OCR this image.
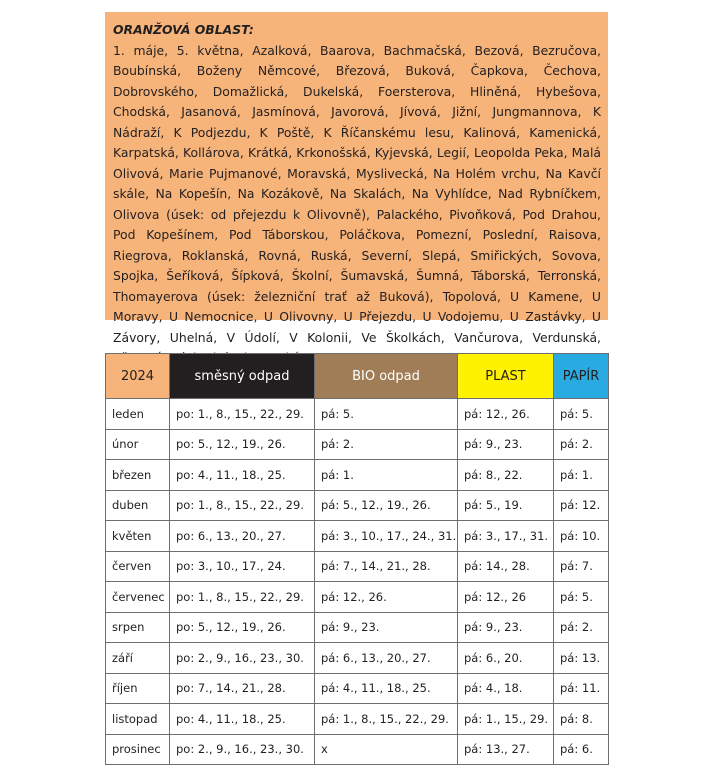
ORANŽOVÁ OBLAST:
1. máje, 5. května, Azalková, Baarova, Bachmačská, Bezová, Bezručova, Boubínská, Boženy Němcové, Březová, Buková, Čapkova, Čechova, Dobrovského, Domažlická, Dukelská, Foersterova, Hliněná, Hybešova, Chodská, Jasanová, Jasmínová, Javorová, Jívová, Jižní, Jungmannova, K Nádraží, K Podjezdu, K Poště, K Říčanskému lesu, Kalinová, Kamenická, Karpatská, Kollárova, Krátká, Krkonošská, Kyjevská, Legií, Leopolda Peka, Malá Olivová, Marie Pujmanové, Moravská, Myslivecká, Na Holém vrchu, Na Kavčí skále, Na Kopešín, Na Kozákově, Na Skalách, Na Vyhlídce, Nad Rybníčkem, Olivova (úsek: od přejezdu k Olivovně), Palackého, Pivoňková, Pod Drahou, Pod Kopešínem, Pod Táborskou, Poláčkova, Pomezní, Poslední, Raisova, Riegrova, Roklanská, Rovná, Ruská, Severní, Slepá, Smiřických, Sovova, Spojka, Šeříková, Šípková, Školní, Šumavská, Šumná, Táborská, Terronská, Thomayerova (úsek: železniční trať až Buková), Topolová, U Kamene, U Moravy, U Nemocnice, U Olivovny, U Přejezdu, U Vodojemu, U Zastávky, U Závory, Uhelná, V Údolí, V Kolonii, Ve Školkách, Vančurova, Verdunská,
2024	směsný odpad	BIO odpad	PLAST	PAPÍR
leden	po: 1., 8., 15., 22., 29.	pá: 5.	pá: 12., 26.	pá: 5.
únor	po: 5., 12., 19., 26.	pá: 2.	pá: 9., 23.	pá: 2.
březen	po: 4., 11., 18., 25.	pá: 1.	pá: 8., 22.	pá: 1.
duben	po: 1., 8., 15., 22., 29.	pá: 5., 12., 19., 26.	pá: 5., 19.	pá: 12.
květen	po: 6., 13., 20., 27.	pá: 3., 10., 17., 24., 31.	pá: 3., 17., 31.	pá: 10.
červen	po: 3., 10., 17., 24.	pá: 7., 14., 21., 28.	pá: 14., 28.	pá: 7.
červenec	po: 1., 8., 15., 22., 29.	pá: 12., 26.	pá: 12., 26	pá: 5.
srpen	po: 5., 12., 19., 26.	pá: 9., 23.	pá: 9., 23.	pá: 2.
září	po: 2., 9., 16., 23., 30.	pá: 6., 13., 20., 27.	pá: 6., 20.	pá: 13.
říjen	po: 7., 14., 21., 28.	pá: 4., 11., 18., 25.	pá: 4., 18.	pá: 11.
listopad	po: 4., 11., 18., 25.	pá: 1., 8., 15., 22., 29.	pá: 1., 15., 29.	pá: 8.
prosinec	po: 2., 9., 16., 23., 30.	x	pá: 13., 27.	pá: 6.
